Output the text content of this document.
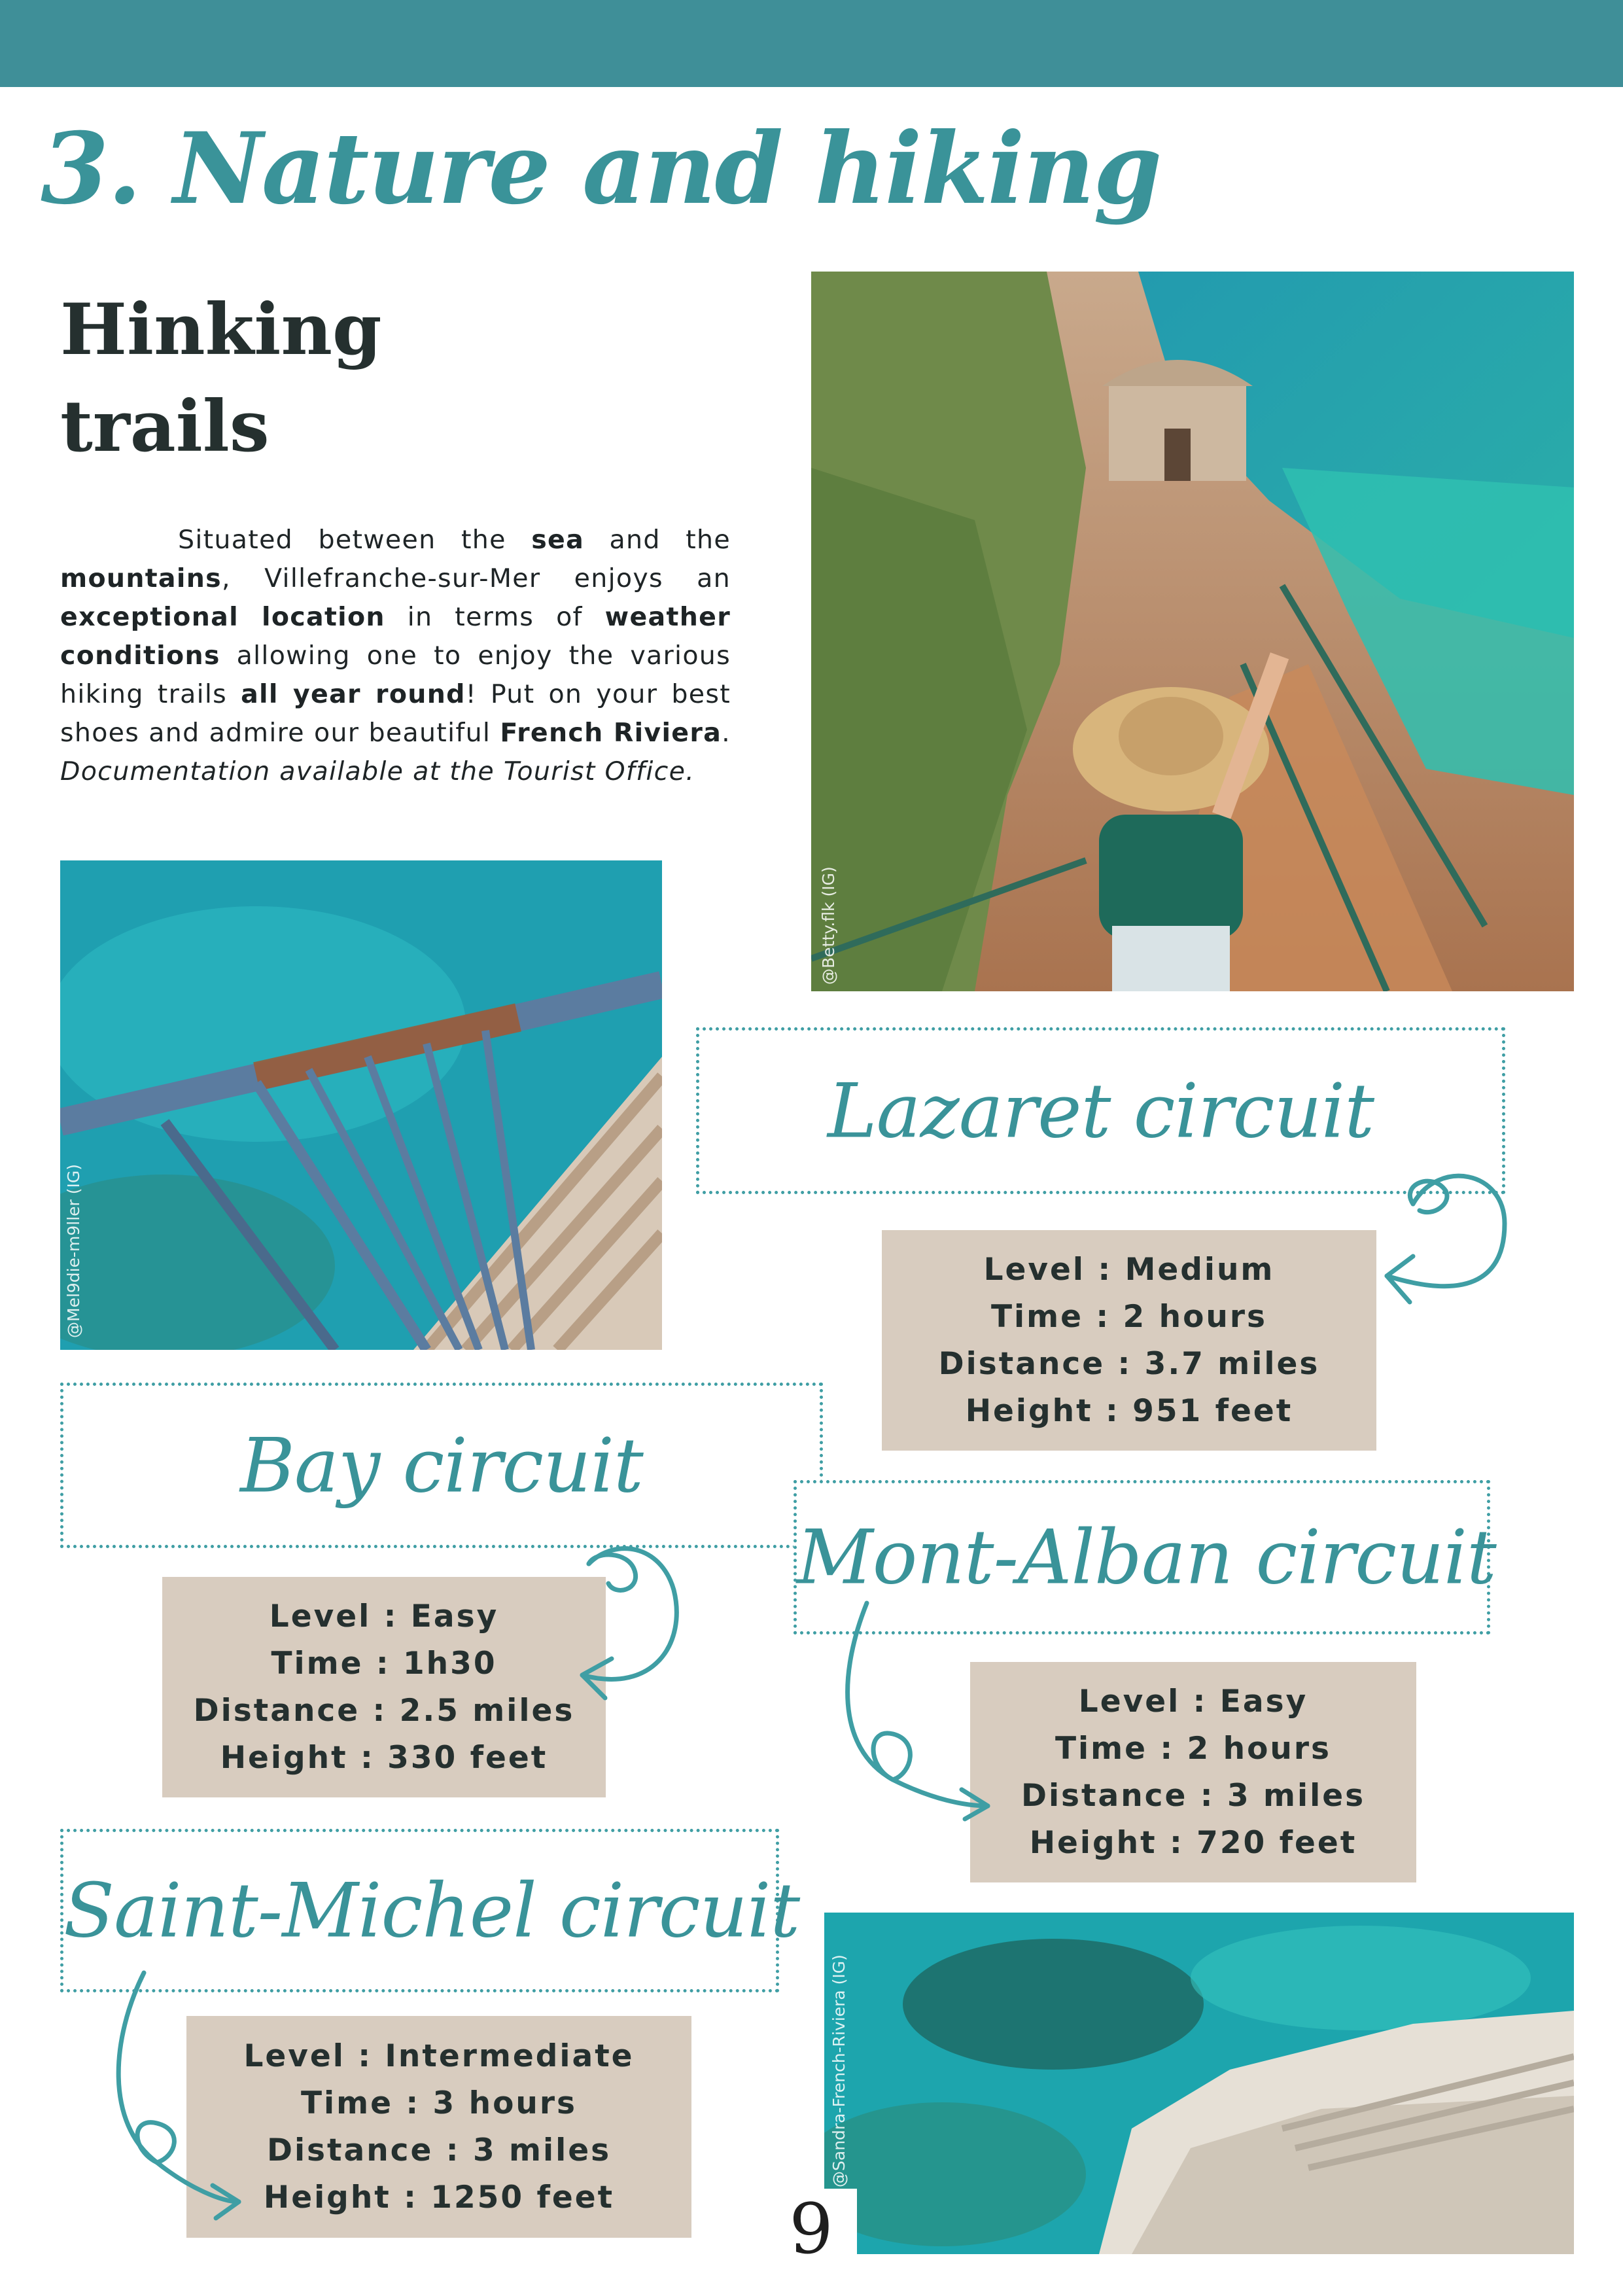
3. Nature and hiking
Hinking trails

Situated between the sea and the mountains, Villefranche-sur-Mer enjoys an exceptional location in terms of weather conditions allowing one to enjoy the various hiking trails all year round! Put on your best shoes and admire our beautiful French Riviera. Documentation available at the Tourist Office.

@Betty.flk (IG)
@Mel9die-m9ller (IG)
@Sandra-French-Riviera (IG)

Lazaret circuit

Level : Medium
Time : 2 hours
Distance : 3.7 miles
Height : 951 feet

Bay circuit

Level : Easy
Time : 1h30
Distance : 2.5 miles
Height : 330 feet

Mont-Alban circuit

Level : Easy
Time : 2 hours
Distance : 3 miles
Height : 720 feet

Saint-Michel circuit

Level : Intermediate
Time : 3 hours
Distance : 3 miles
Height : 1250 feet	9
